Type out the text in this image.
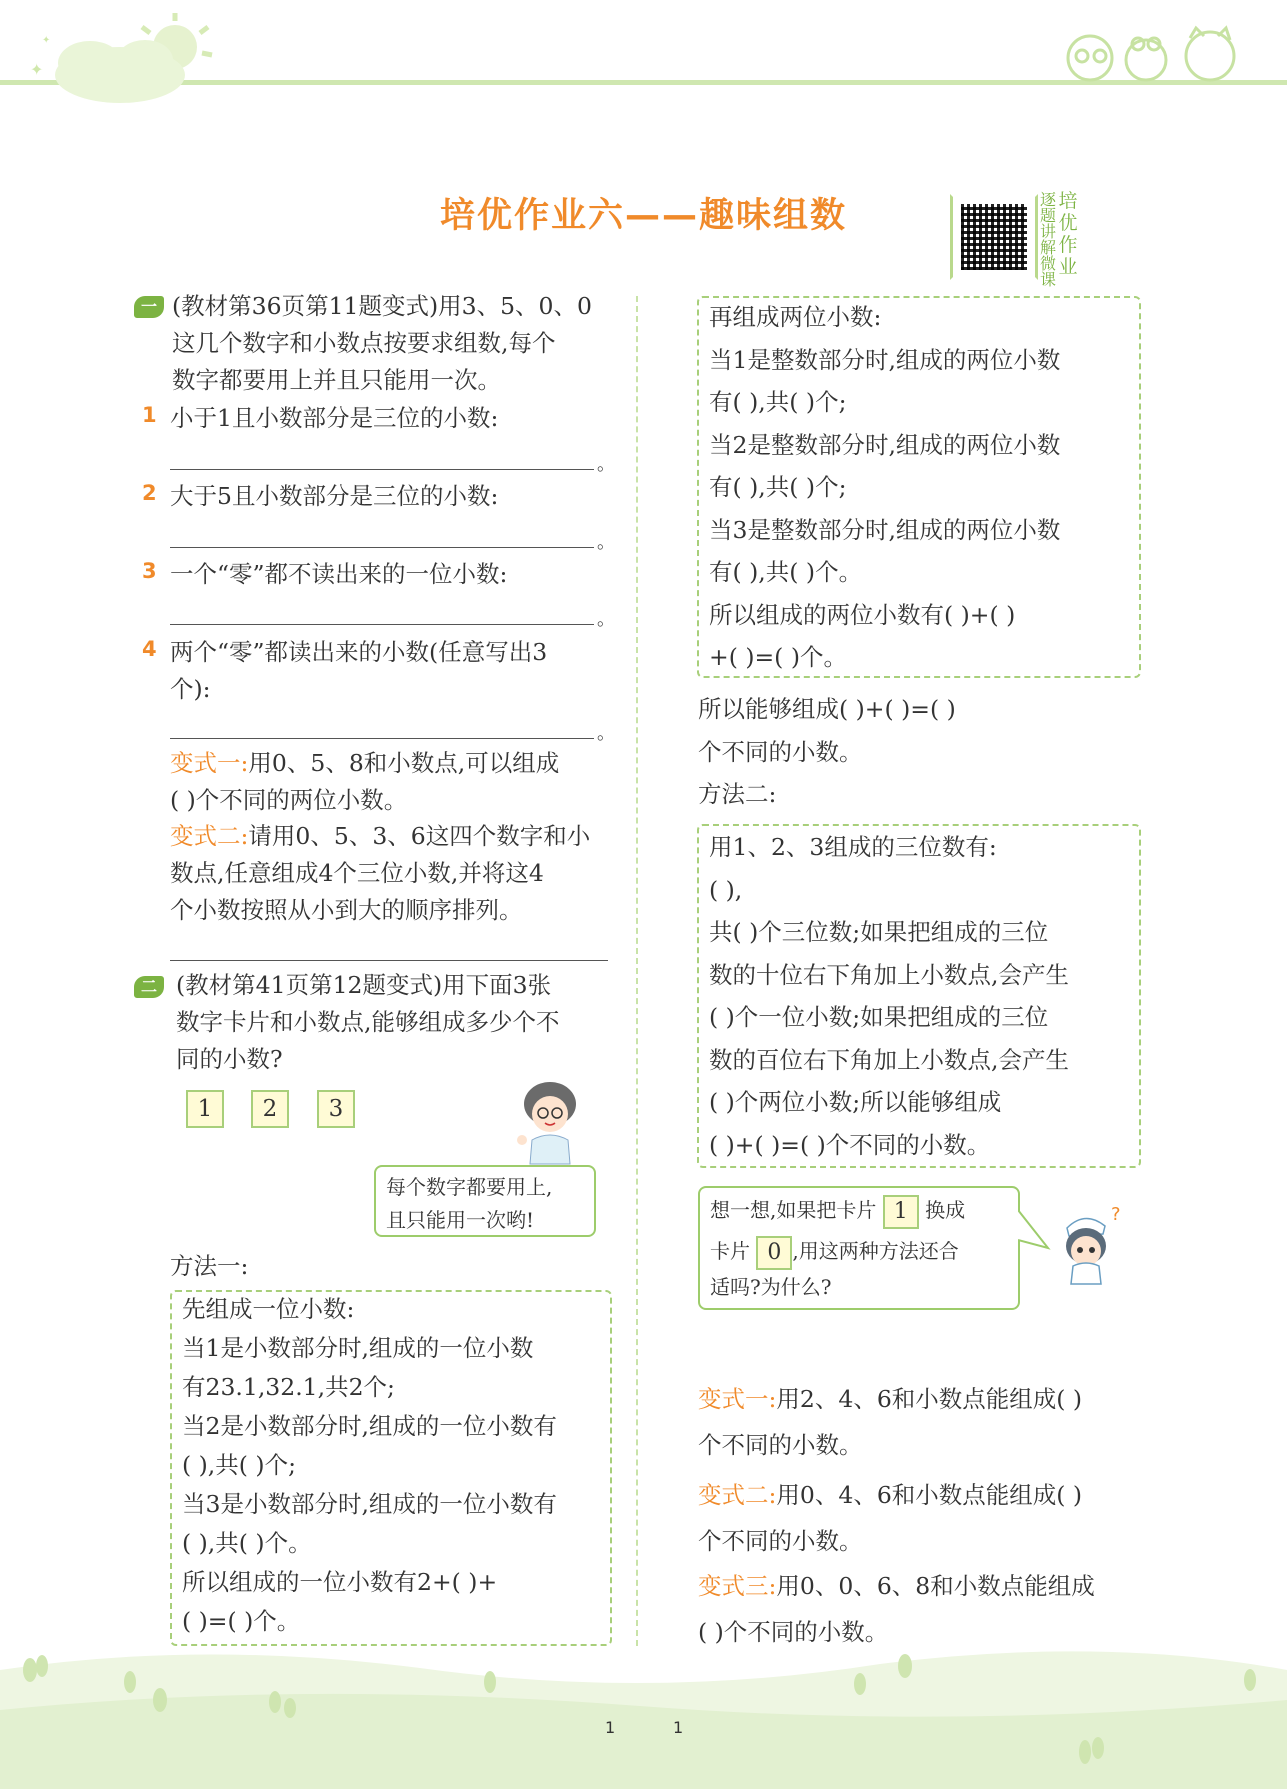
✦
✦
培优作业六——趣味组数	逐
题
讲
解
微
课
培
优
作
业
一 (教材第36页第11题变式)用3、5、0、0
这几个数字和小数点按要求组数,每个
数字都要用上并且只能用一次。
1 小于1且小数部分是三位的小数:
。
2 大于5且小数部分是三位的小数:
。
3 一个“零”都不读出来的一位小数:
。
4 两个“零”都读出来的小数(任意写出3
个):
。
变式一:用0、5、8和小数点,可以组成
( )个不同的两位小数。
变式二:请用0、5、3、6这四个数字和小
数点,任意组成4个三位小数,并将这4
个小数按照从小到大的顺序排列。
二 (教材第41页第12题变式)用下面3张
数字卡片和小数点,能够组成多少个不
同的小数?
1	2	3
每个数字都要用上,
且只能用一次哟!
方法一:
先组成一位小数:
当1是小数部分时,组成的一位小数
有23.1,32.1,共2个;
当2是小数部分时,组成的一位小数有
( ),共( )个;
当3是小数部分时,组成的一位小数有
( ),共( )个。
所以组成的一位小数有2+( )+
( )=( )个。
再组成两位小数:
当1是整数部分时,组成的两位小数
有( ),共( )个;
当2是整数部分时,组成的两位小数
有( ),共( )个;
当3是整数部分时,组成的两位小数
有( ),共( )个。
所以组成的两位小数有( )+( )
+( )=( )个。
所以能够组成( )+( )=( )
个不同的小数。
方法二:
用1、2、3组成的三位数有:
( ),
共( )个三位数;如果把组成的三位
数的十位右下角加上小数点,会产生
( )个一位小数;如果把组成的三位
数的百位右下角加上小数点,会产生
( )个两位小数;所以能够组成
( )+( )=( )个不同的小数。
想一想,如果把卡片 1 换成
卡片 0 ,用这两种方法还合
适吗?为什么?
?
变式一:用2、4、6和小数点能组成( )
个不同的小数。
变式二:用0、4、6和小数点能组成( )
个不同的小数。
变式三:用0、0、6、8和小数点能组成
( )个不同的小数。
1	1
